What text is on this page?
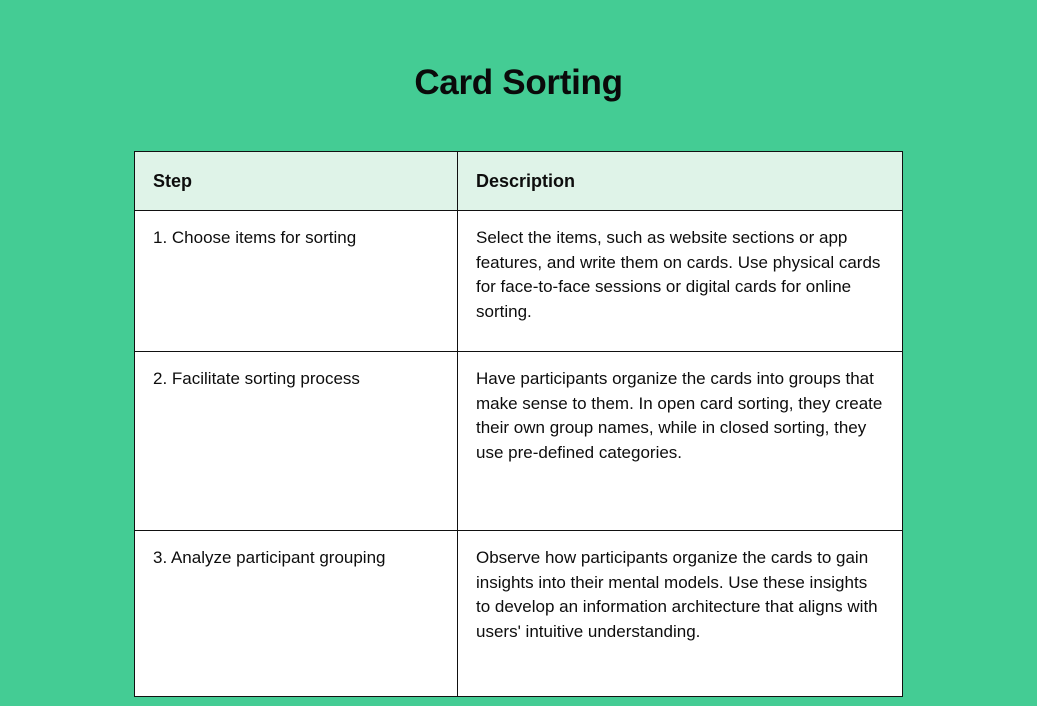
Card Sorting
Step	Description
1. Choose items for sorting	Select the items, such as website sections or app features, and write them on cards. Use physical cards for face-to-face sessions or digital cards for online sorting.
2. Facilitate sorting process	Have participants organize the cards into groups that make sense to them. In open card sorting, they create their own group names, while in closed sorting, they use pre-defined categories.
3. Analyze participant grouping	Observe how participants organize the cards to gain insights into their mental models. Use these insights to develop an information architecture that aligns with users' intuitive understanding.
